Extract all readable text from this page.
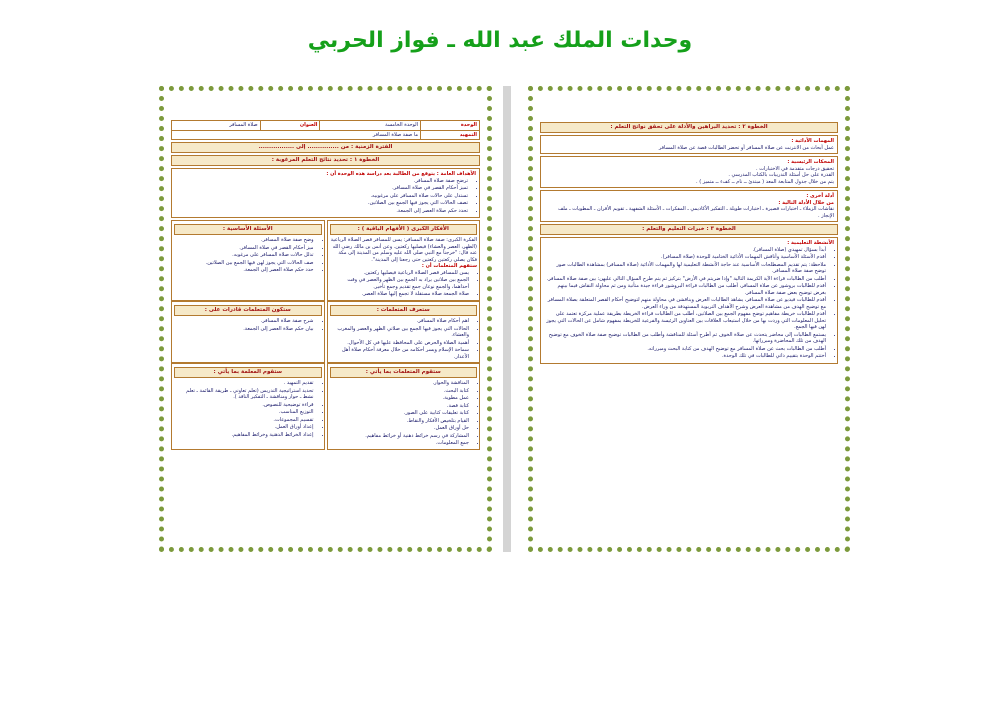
وحدات الملك عبد الله ـ فواز الحربي
الوحدة	الوحدة الخامسة	العنوان	صلاة المسافر
التمهيد	ما صفة صلاة المسافر		
الفترة الزمنية : من ............... إلى .................
الخطوة ١ : تحديد نتائج التعلم المرغوبة :
الأهداف العامة : يتوقع من الطالبة بعد دراسة هذه الوحدة أن :
• ترضح صفة صلاة المسافر.
• تميز أحكام القصر في صلاة المسافر.
• تستدل على حالات صلاة المسافر على مرغوبيه.
• تصف الحالات التي يجوز فيها الجمع بين الصلاتين.
• تحدد حكم صلاة العصر إلى الجمعة.
الأفكار الكبرى ( الأفهام الباقية ) :
الفكرة الكبرى: صفة صلاة المسافر: يسن للمسافر قصر الصلاة الرباعية (الظهر، العصر والعشاء) فيصليها ركعتين. وعن أنس بن مالك رضي الله عنه قال: "خرجنا مع النبي صلى الله عليه وسلم من المدينة إلى مكة فكان يصلي ركعتين ركعتين حتى رجعنا إلى المدينة".
ستفهم المتعلمات أن :
• يسن للمسافر قصر الصلاة الرباعية فيصليها ركعتين.
• الجمع بين صلاتين يراد به الجمع بين الظهر والعصر في وقت أحداهما، والجمع نوعان جمع تقديم وجمع تأخير.
• صلاة الجمعة صلاة مستقلة لا تجمع إليها صلاة العصر.
الأسئلة الأساسية :
• وضح صفة صلاة المسافر.
• ميز أحكام القصر في صلاة المسافر.
• تدلل حالات صلاة المسافر على مرغوبه.
• صف الحالات التي يجوز لهن فيها الجمع بين الصلاتين.
• حدد حكم صلاة العصر إلى الجمعة.
ستعرف المتعلمات :
• اهم أحكام صلاة المسافر.
• الحالات التي يجوز فيها الجمع بين صلاتي الظهر والعصر والمغرب والعشاء.
• أهمية الصلاة والحرص على المحافظة عليها في كل الأحوال.
• سماحة الإسلام ويسر أحكامه من خلال معرفة أحكام صلاة أهل الأعذار.
ستكون المتعلمات قادرات على :
• شرح صفة صلاة المسافر.
• بيان حكم صلاة العصر إلى الجمعة.
ستقوم المتعلمات بما يأتي :
• المناقشة والحوار.
• كتابة البحث.
• عمل مطوية.
• كتابة قصة.
• كتابة تعليقات كتابية على الصور.
• القيام بتلخيص الأفكار والنقاط.
• حل أوراق العمل.
• المشاركة في رسم خرائط ذهنية أو خرائط مفاهيم.
• جمع المعلومات.
ستقوم المعلمة بما يأتي :
• تقديم التمهيد .
• تحديد استراتيجية التدريس (تعلم تعاوني ـ طريقة القائمة ـ تعلم نشط ـ حوار ومناقشة ـ التفكير الناقد ).
• قراءة توضيحية للنصوص.
• التوزيع المناسب.
• تقسيم المجموعات.
• إعداد أوراق العمل.
• إعداد الخرائط الذهنية وخرائط المفاهيم.
الخطوة ٢ : تحديد البراهين والأدلة على تحقق نواتج التعلم :
المهمات الأدائية :
عمل أبحاث من الانترنت عن صلاة المسافر أو تحضر الطالبات قصة عن صلاة المسافر
المحكات الرئيسية :
تحقيق درجات متقدمة في الاختبارات .
القدرة على حل أسئلة التدريبات بالكتاب المدرسي .
يتم من خلال جدول المتابعة المعد ( مبتدئ ــ نام ــ كفء ــ متميز ) .
أدلة أخرى :
من خلال الأدلة التالية :
نقاشات الزملاء ـ اختبارات قصيرة ـ اختبارات طويلة ـ التفكير الأكاديمي ـ المفكرات ـ الأسئلة الشفهية ـ تقويم الأقران ـ المطويات ـ ملف الإنجاز .
الخطوة ٣ : خبرات التعليم والتعلم :
الأنشطة التعليمية :
• أبدأ بسؤال تمهيدي (صلاة المسافر).
• أقدم الأسئلة الأساسية وأناقش المهمات الأدائية الختامية للوحدة (صلاة المسافر).
• ملاحظة: يتم تقديم المصطلحات الأساسية عند حاجة الأنشطة التعليمية لها والمهمات الأدائية (صلاة المسافر) بمشاهدة الطالبات صور توضح صفة صلاة المسافر.
• أطلب من الطالبات قراءة الآية الكريمة التالية "وإذا ضربتم في الأرض" بتركيز ثم يتم طرح السؤال التالي عليهن: بين صفة صلاة المسافر.
• أقدم للطالبات بروشور عن صلاة المسافر، أطلب من الطالبات قراءة البروشور قراءة جيدة متأنية ومن ثم محاولة النقاش فيما بينهم بغرض توضيح بعض صفة صلاة المسافر.
• أقدم للطالبات فيديو عن صلاة المسافر، يشاهد الطالبات العرض ويناقشن في محاولة منهم لتوضيح أحكام القصر المتعلقة بصلاة المسافر مع توضيح الهدف من مشاهدة العرض وشرح الأهداف التربوية المستهدفة من وراء العرض.
• أقدم للطالبات خريطة مفاهيم توضح مفهوم الجمع بين الصلاتين، أطلب من الطالبات قراءة الخريطة بطريقة عملية مركزة تعتمد على تحليل المعلومات التي وردت بها من خلال استيعاب العلاقات بين العناوين الرئيسة والفرعية للخريطة بمفهوم شامل عن الحالات التي يجوز لهن فيها الجمع.
• يستمع الطالبات إلى محاضر يتحدث عن صلاة الخوف ثم أطرح أسئلة للمناقشة وأطلب من الطالبات توضيح صفة صلاة الخوف مع توضيح الهدف من تلك المحاضرة ومبرراتها.
• أطلب من الطالبات بحث عن صلاة المسافر مع توضيح الهدف من كتابة البحث ومبرراته.
• أختتم الوحدة بتقييم ذاتي للطالبات في تلك الوحدة.
